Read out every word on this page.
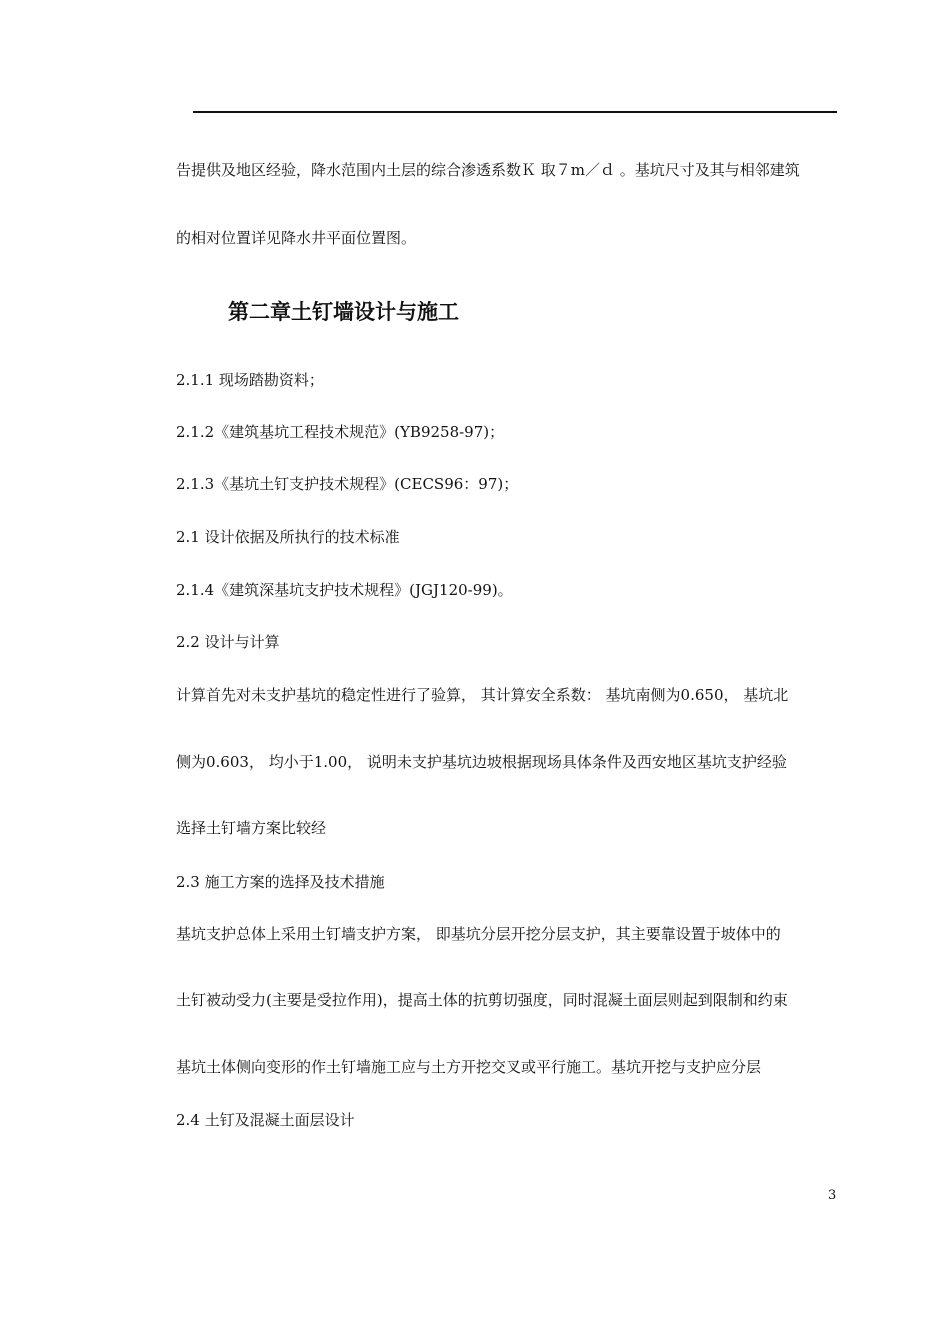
告提供及地区经验，降水范围内土层的综合渗透系数Ｋ 取７m／ｄ 。基坑尺寸及其与相邻建筑
的相对位置详见降水井平面位置图。
第二章土钉墙设计与施工
2.1.1 现场踏勘资料；
2.1.2《建筑基坑工程技术规范》(YB9258-97)；
2.1.3《基坑土钉支护技术规程》(CECS96：97)；
2.1 设计依据及所执行的技术标准
2.1.4《建筑深基坑支护技术规程》(JGJ120-99)。
2.2 设计与计算
计算首先对未支护基坑的稳定性进行了验算， 其计算安全系数： 基坑南侧为0.650， 基坑北
侧为0.603， 均小于1.00， 说明未支护基坑边坡根据现场具体条件及西安地区基坑支护经验
选择土钉墙方案比较经
2.3 施工方案的选择及技术措施
基坑支护总体上采用土钉墙支护方案， 即基坑分层开挖分层支护，其主要靠设置于坡体中的
土钉被动受力(主要是受拉作用)，提高土体的抗剪切强度，同时混凝土面层则起到限制和约束
基坑土体侧向变形的作土钉墙施工应与土方开挖交叉或平行施工。基坑开挖与支护应分层
2.4 土钉及混凝土面层设计
3
